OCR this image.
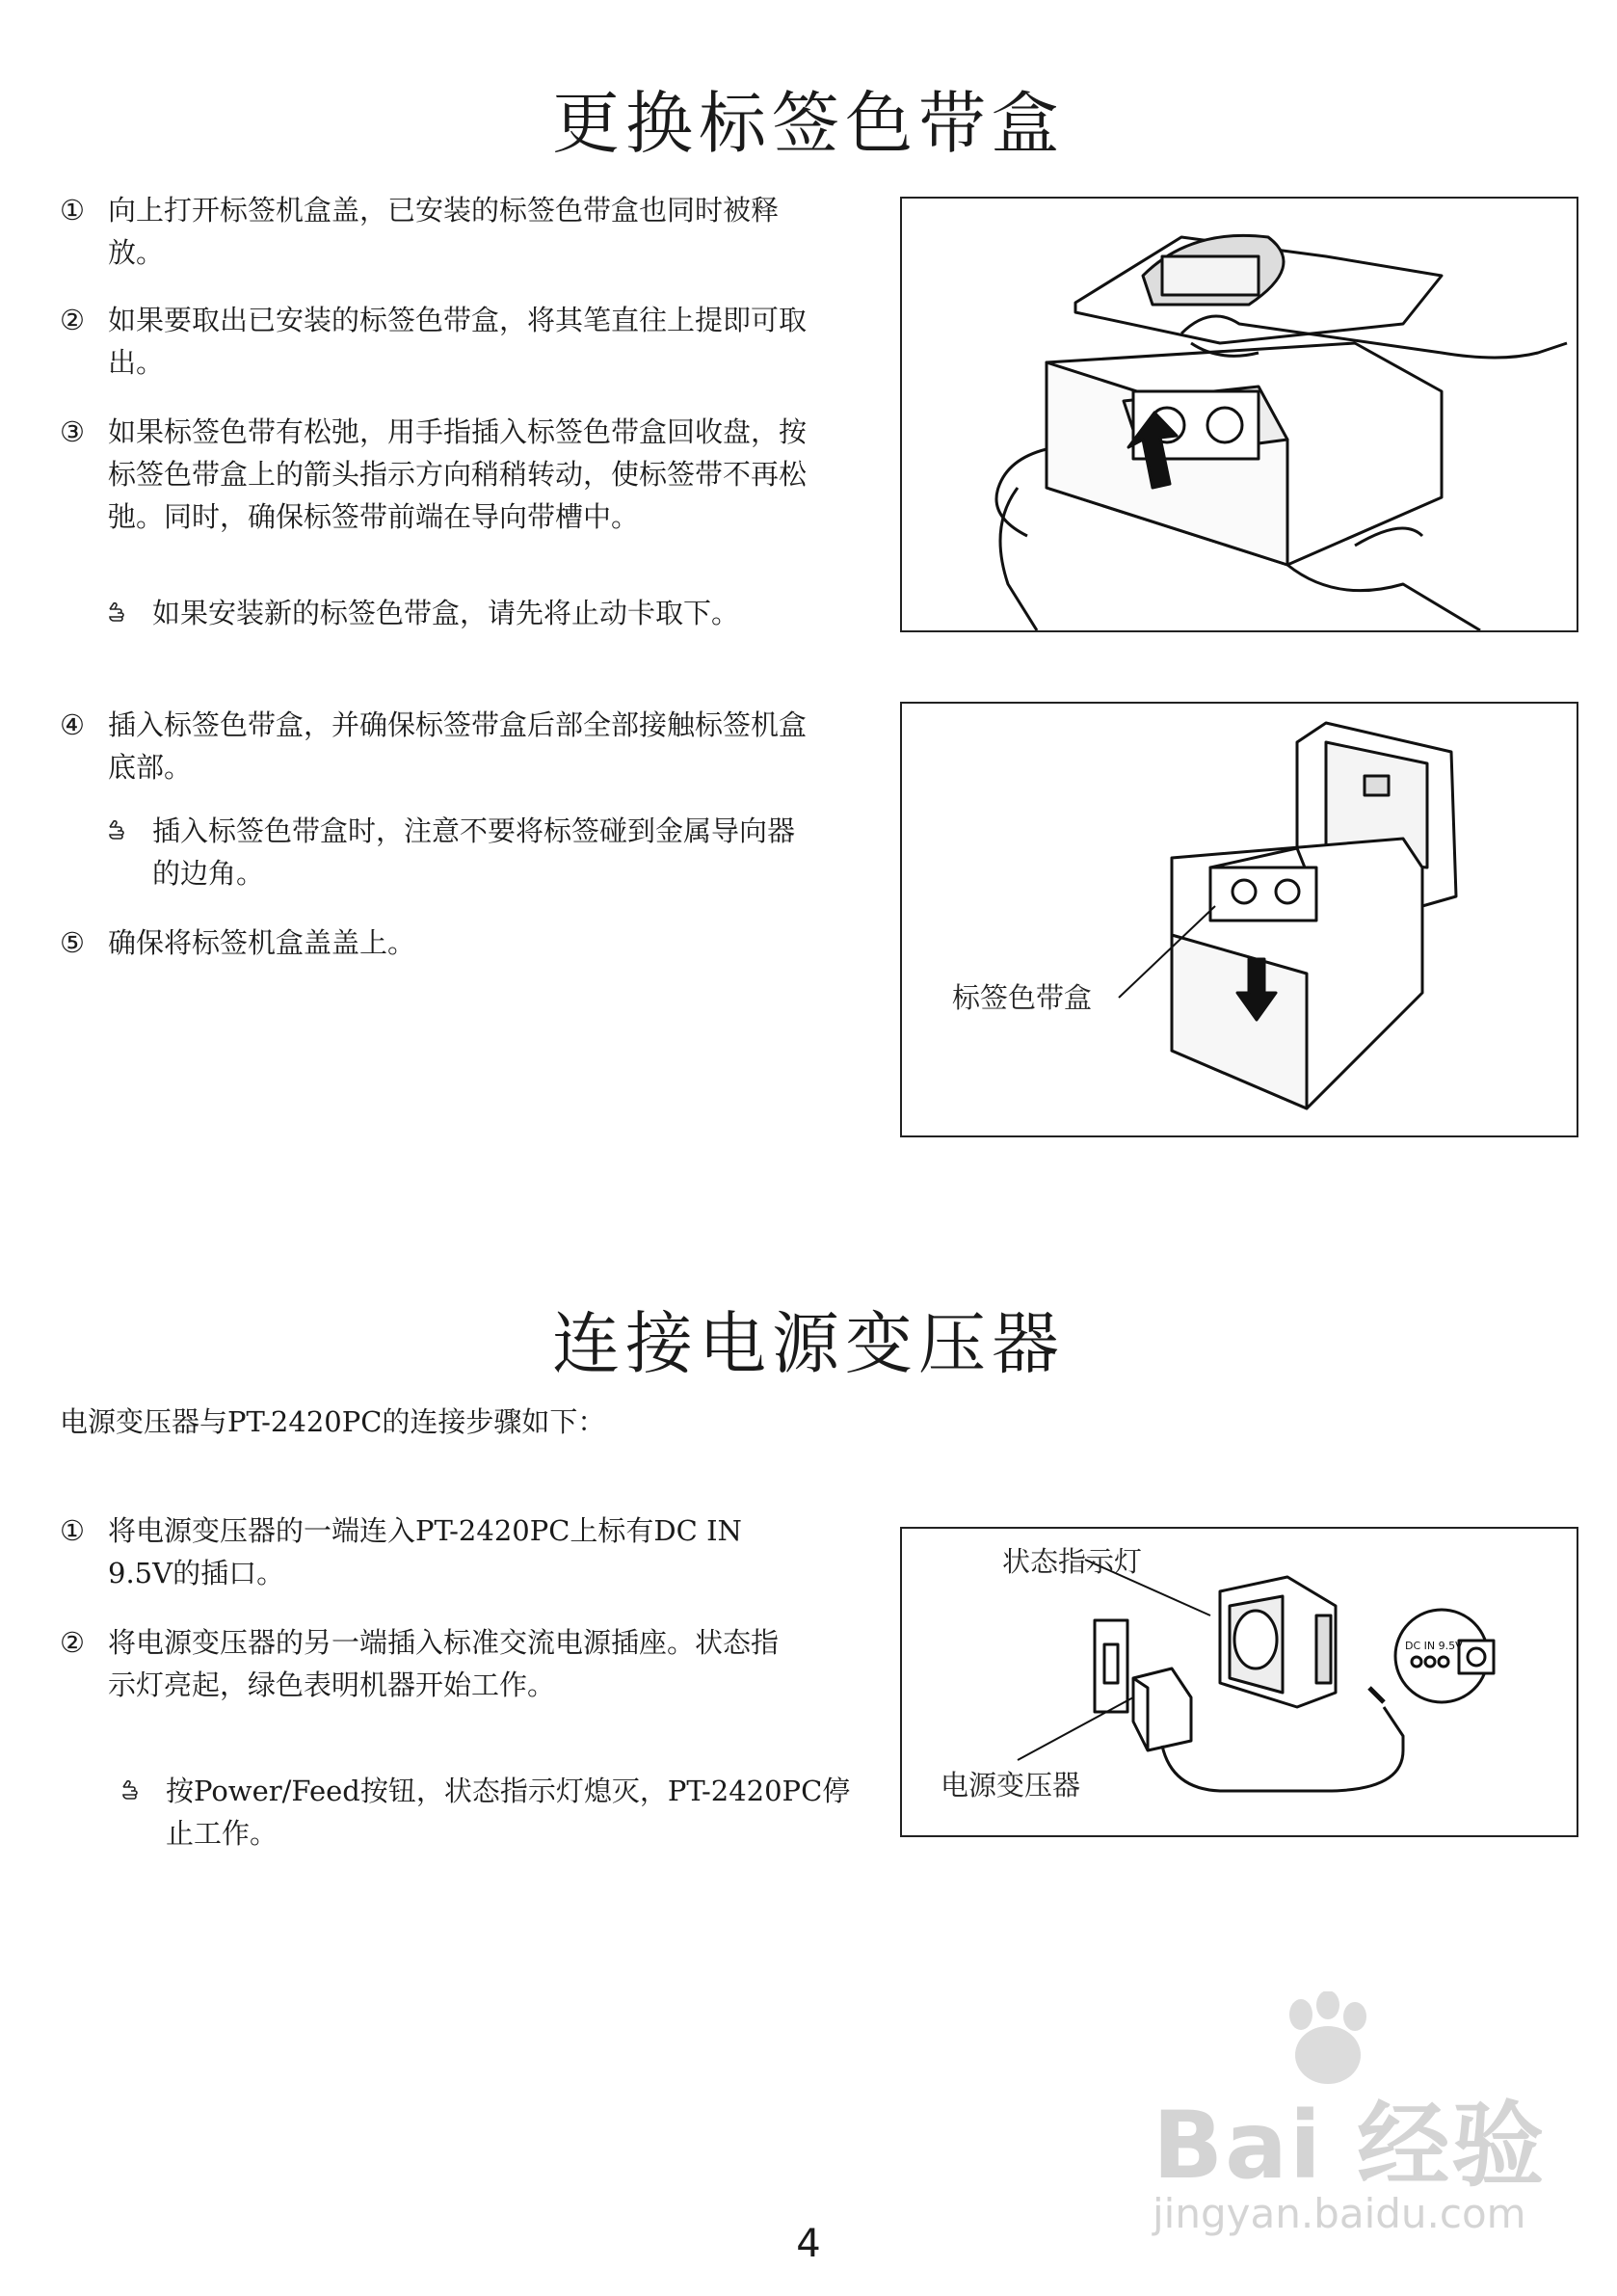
更换标签色带盒
① 向上打开标签机盒盖，已安装的标签色带盒也同时被释放。
② 如果要取出已安装的标签色带盒，将其笔直往上提即可取出。
③ 如果标签色带有松弛，用手指插入标签色带盒回收盘，按标签色带盒上的箭头指示方向稍稍转动，使标签带不再松弛。同时，确保标签带前端在导向带槽中。
如果安装新的标签色带盒，请先将止动卡取下。
④ 插入标签色带盒，并确保标签带盒后部全部接触标签机盒底部。
插入标签色带盒时，注意不要将标签碰到金属导向器的边角。
⑤ 确保将标签机盒盖盖上。
标签色带盒
连接电源变压器
电源变压器与PT-2420PC的连接步骤如下：
① 将电源变压器的一端连入PT-2420PC上标有DC IN 9.5V的插口。
② 将电源变压器的另一端插入标准交流电源插座。状态指示灯亮起，绿色表明机器开始工作。
按Power/Feed按钮，状态指示灯熄灭，PT-2420PC停止工作。
DC IN 9.5V
状态指示灯
电源变压器
Bai 经验
jingyan.baidu.com
4
